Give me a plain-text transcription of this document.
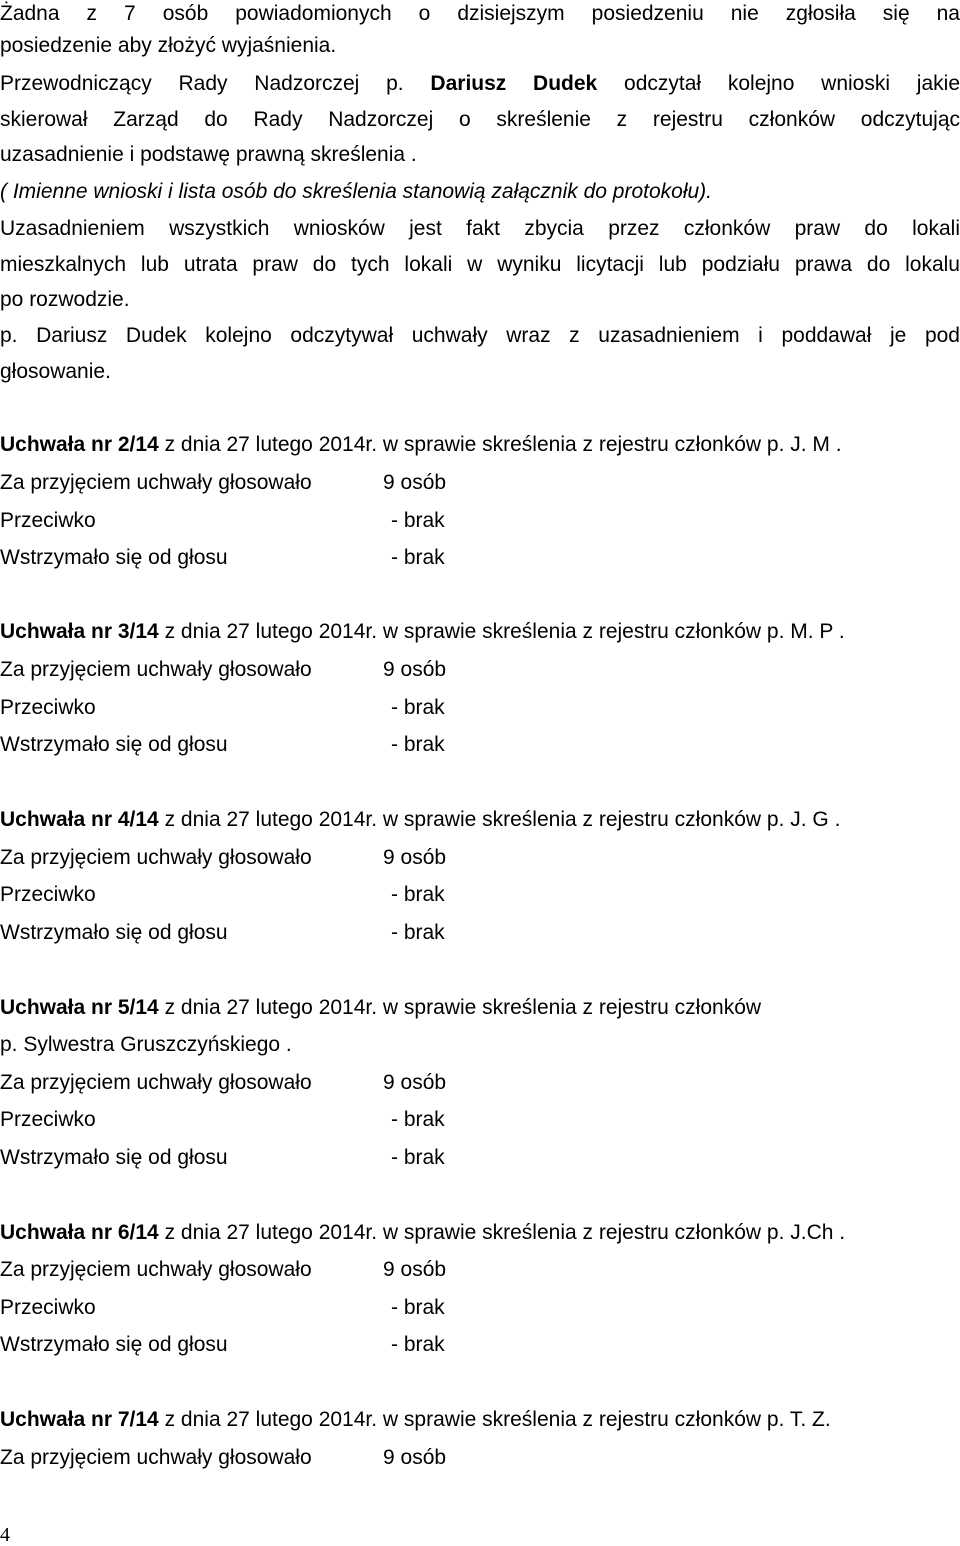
Żadna z 7 osób powiadomionych o dzisiejszym posiedzeniu nie zgłosiła się na
posiedzenie aby złożyć wyjaśnienia.
Przewodniczący Rady Nadzorczej p. Dariusz Dudek odczytał kolejno wnioski jakie
skierował Zarząd do Rady Nadzorczej o skreślenie z rejestru członków odczytując
uzasadnienie i podstawę prawną skreślenia .
( Imienne wnioski i lista osób do skreślenia stanowią załącznik do protokołu).
Uzasadnieniem wszystkich wniosków jest fakt zbycia przez członków praw do lokali
mieszkalnych lub utrata praw do tych lokali w wyniku licytacji lub podziału prawa do lokalu
po rozwodzie.
p. Dariusz Dudek kolejno odczytywał uchwały wraz z uzasadnieniem i poddawał je pod
głosowanie.
Uchwała nr 2/14 z dnia 27 lutego 2014r. w sprawie skreślenia z rejestru członków p. J. M .
Za przyjęciem uchwały głosowało	9 osób
Przeciwko	- brak
Wstrzymało się od głosu	- brak
Uchwała nr 3/14 z dnia 27 lutego 2014r. w sprawie skreślenia z rejestru członków p. M. P .
Za przyjęciem uchwały głosowało	9 osób
Przeciwko	- brak
Wstrzymało się od głosu	- brak
Uchwała nr 4/14 z dnia 27 lutego 2014r. w sprawie skreślenia z rejestru członków p. J. G .
Za przyjęciem uchwały głosowało	9 osób
Przeciwko	- brak
Wstrzymało się od głosu	- brak
Uchwała nr 5/14 z dnia 27 lutego 2014r. w sprawie skreślenia z rejestru członków
p. Sylwestra Gruszczyńskiego .
Za przyjęciem uchwały głosowało	9 osób
Przeciwko	- brak
Wstrzymało się od głosu	- brak
Uchwała nr 6/14 z dnia 27 lutego 2014r. w sprawie skreślenia z rejestru członków p. J.Ch .
Za przyjęciem uchwały głosowało	9 osób
Przeciwko	- brak
Wstrzymało się od głosu	- brak
Uchwała nr 7/14 z dnia 27 lutego 2014r. w sprawie skreślenia z rejestru członków p. T. Z.
Za przyjęciem uchwały głosowało	9 osób
4
